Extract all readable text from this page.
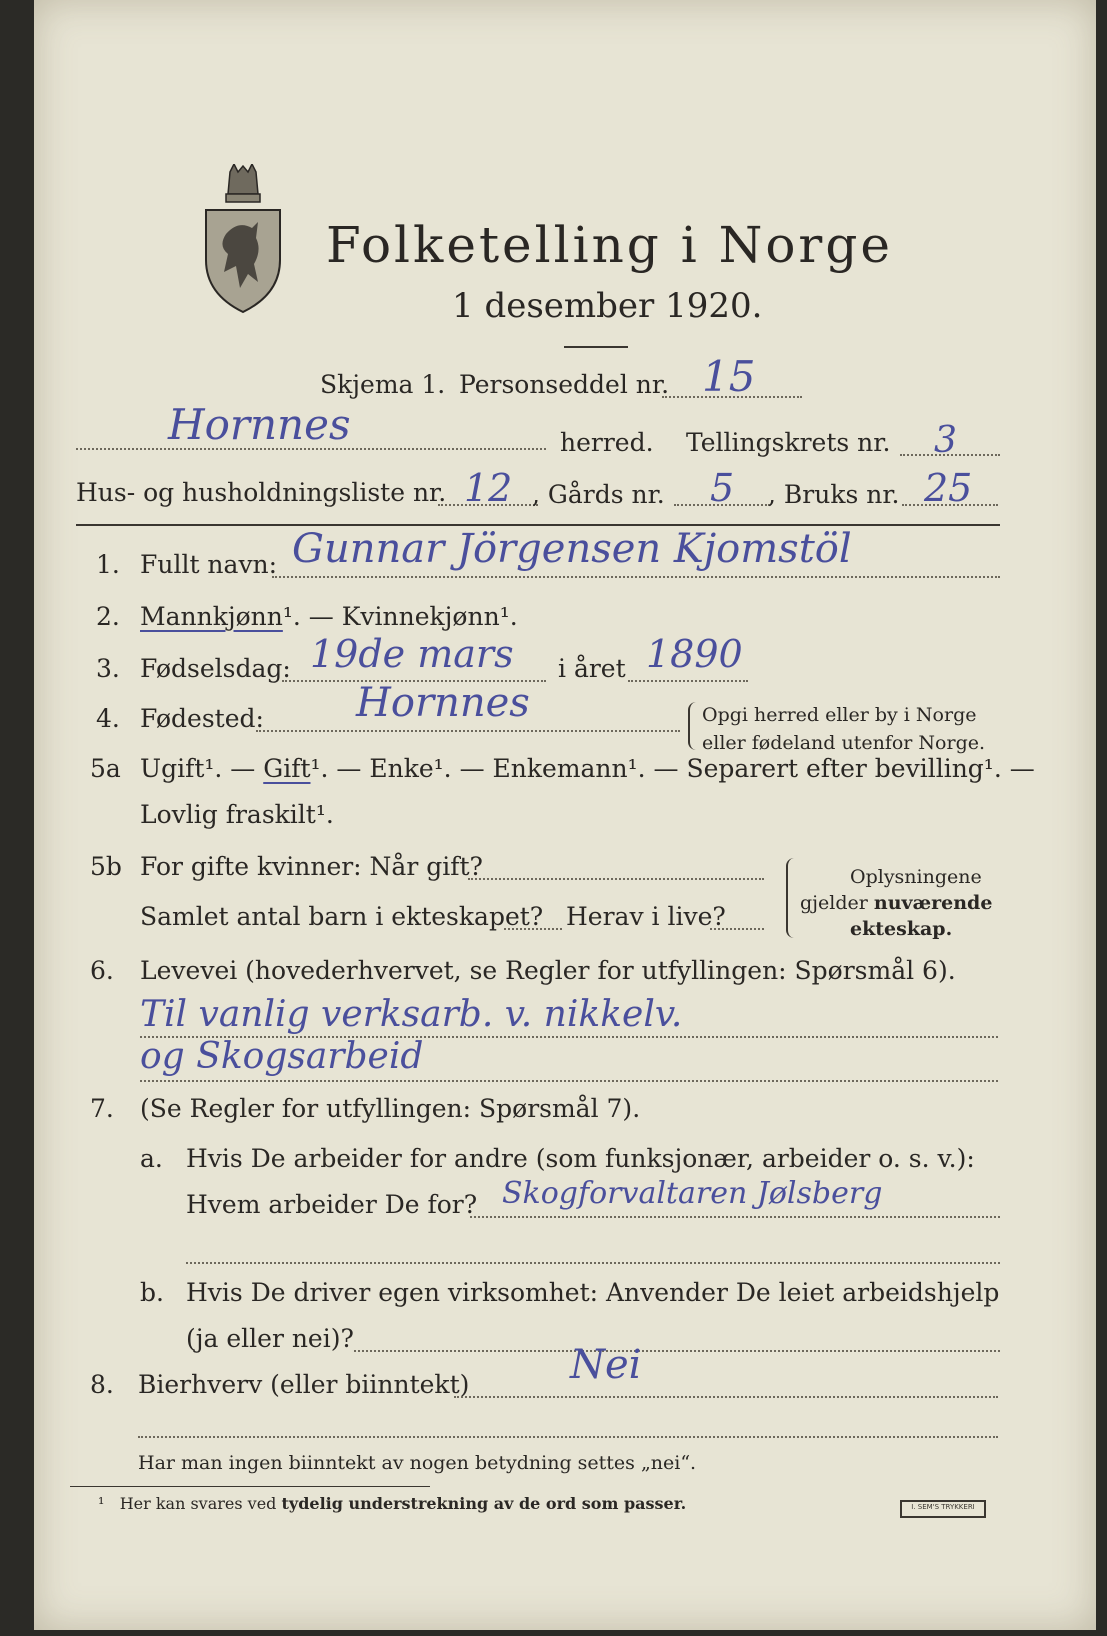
Folketelling i Norge
1 desember 1920.
Skjema 1. Personseddel nr. 15
Hornnes	herred. Tellingskrets nr. 3
Hus- og husholdningsliste nr. 12 , Gårds nr. 5 , Bruks nr. 25
1. Fullt navn: Gunnar Jörgensen Kjomstöl
2. Mannkjønn¹. — Kvinnekjønn¹.
3. Fødselsdag: 19de mars i året 1890
4. Fødested: Hornnes	Opgi herred eller by i Norge
eller fødeland utenfor Norge.
5a Ugift¹. — Gift¹. — Enke¹. — Enkemann¹. — Separert efter bevilling¹. —
Lovlig fraskilt¹.
5b For gifte kvinner: Når gift?
Samlet antal barn i ekteskapet? Herav i live?
Oplysningene
gjelder nuværende
ekteskap.
6. Levevei (hovederhvervet, se Regler for utfyllingen: Spørsmål 6).
Til vanlig verksarb. v. nikkelv.
og Skogsarbeid
7. (Se Regler for utfyllingen: Spørsmål 7).
a. Hvis De arbeider for andre (som funksjonær, arbeider o. s. v.):
Hvem arbeider De for? Skogforvaltaren Jølsberg
b. Hvis De driver egen virksomhet: Anvender De leiet arbeidshjelp
(ja eller nei)?
8. Bierhverv (eller biinntekt)	Nei
Har man ingen biinntekt av nogen betydning settes „nei“.
¹ Her kan svares ved tydelig understrekning av de ord som passer.	I. SEM'S TRYKKERI
